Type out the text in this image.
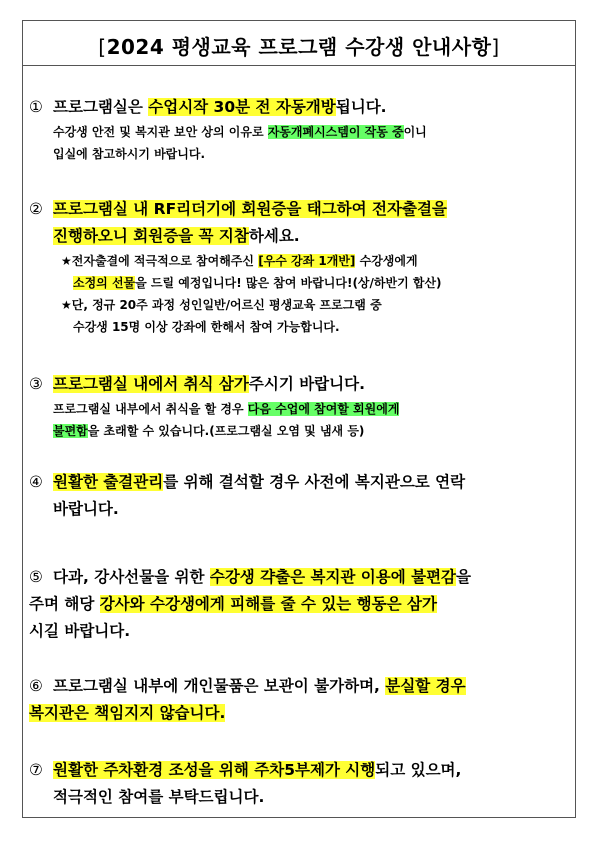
[2024 평생교육 프로그램 수강생 안내사항]
① 프로그램실은 수업시작 30분 전 자동개방됩니다.
수강생 안전 및 복지관 보안 상의 이유로 자동개폐시스템이 작동 중이니
입실에 참고하시기 바랍니다.
② 프로그램실 내 RF리더기에 회원증을 태그하여 전자출결을
진행하오니 회원증을 꼭 지참하세요.
★전자출결에 적극적으로 참여해주신 [우수 강좌 1개반] 수강생에게
소정의 선물을 드릴 예정입니다! 많은 참여 바랍니다!(상/하반기 합산)
★단, 정규 20주 과정 성인일반/어르신 평생교육 프로그램 중
수강생 15명 이상 강좌에 한해서 참여 가능합니다.
③ 프로그램실 내에서 취식 삼가주시기 바랍니다.
프로그램실 내부에서 취식을 할 경우 다음 수업에 참여할 회원에게
불편함을 초래할 수 있습니다.(프로그램실 오염 및 냄새 등)
④ 원활한 출결관리를 위해 결석할 경우 사전에 복지관으로 연락
바랍니다.
⑤ 다과, 강사선물을 위한 수강생 갹출은 복지관 이용에 불편감을
주며 해당 강사와 수강생에게 피해를 줄 수 있는 행동은 삼가
시길 바랍니다.
⑥ 프로그램실 내부에 개인물품은 보관이 불가하며, 분실할 경우
복지관은 책임지지 않습니다.
⑦ 원활한 주차환경 조성을 위해 주차5부제가 시행되고 있으며,
적극적인 참여를 부탁드립니다.
